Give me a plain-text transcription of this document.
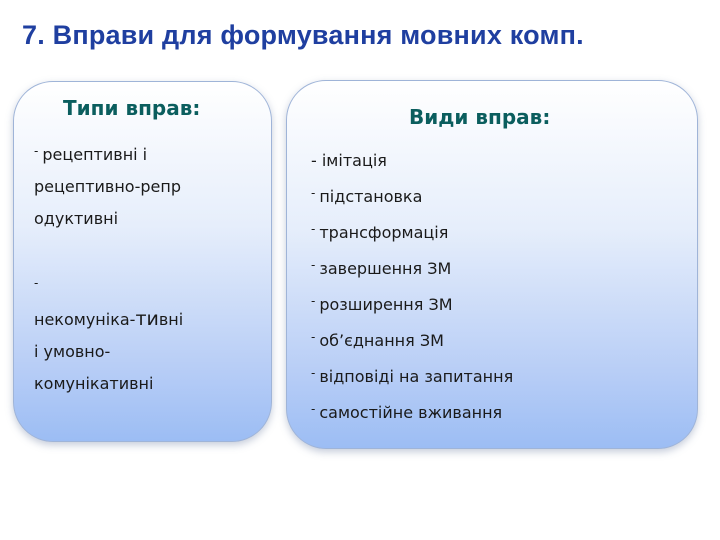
7. Вправи для формування мовних комп.
Типи вправ:
- рецептивні і
рецептивно-репр
одуктивні
-
некомуніка-тивні
і умовно-
комунікативні
Види вправ:
- імітація
- підстановка
- трансформація
- завершення ЗМ
- розширення ЗМ
- об’єднання ЗМ
- відповіді на запитання
- самостійне вживання
